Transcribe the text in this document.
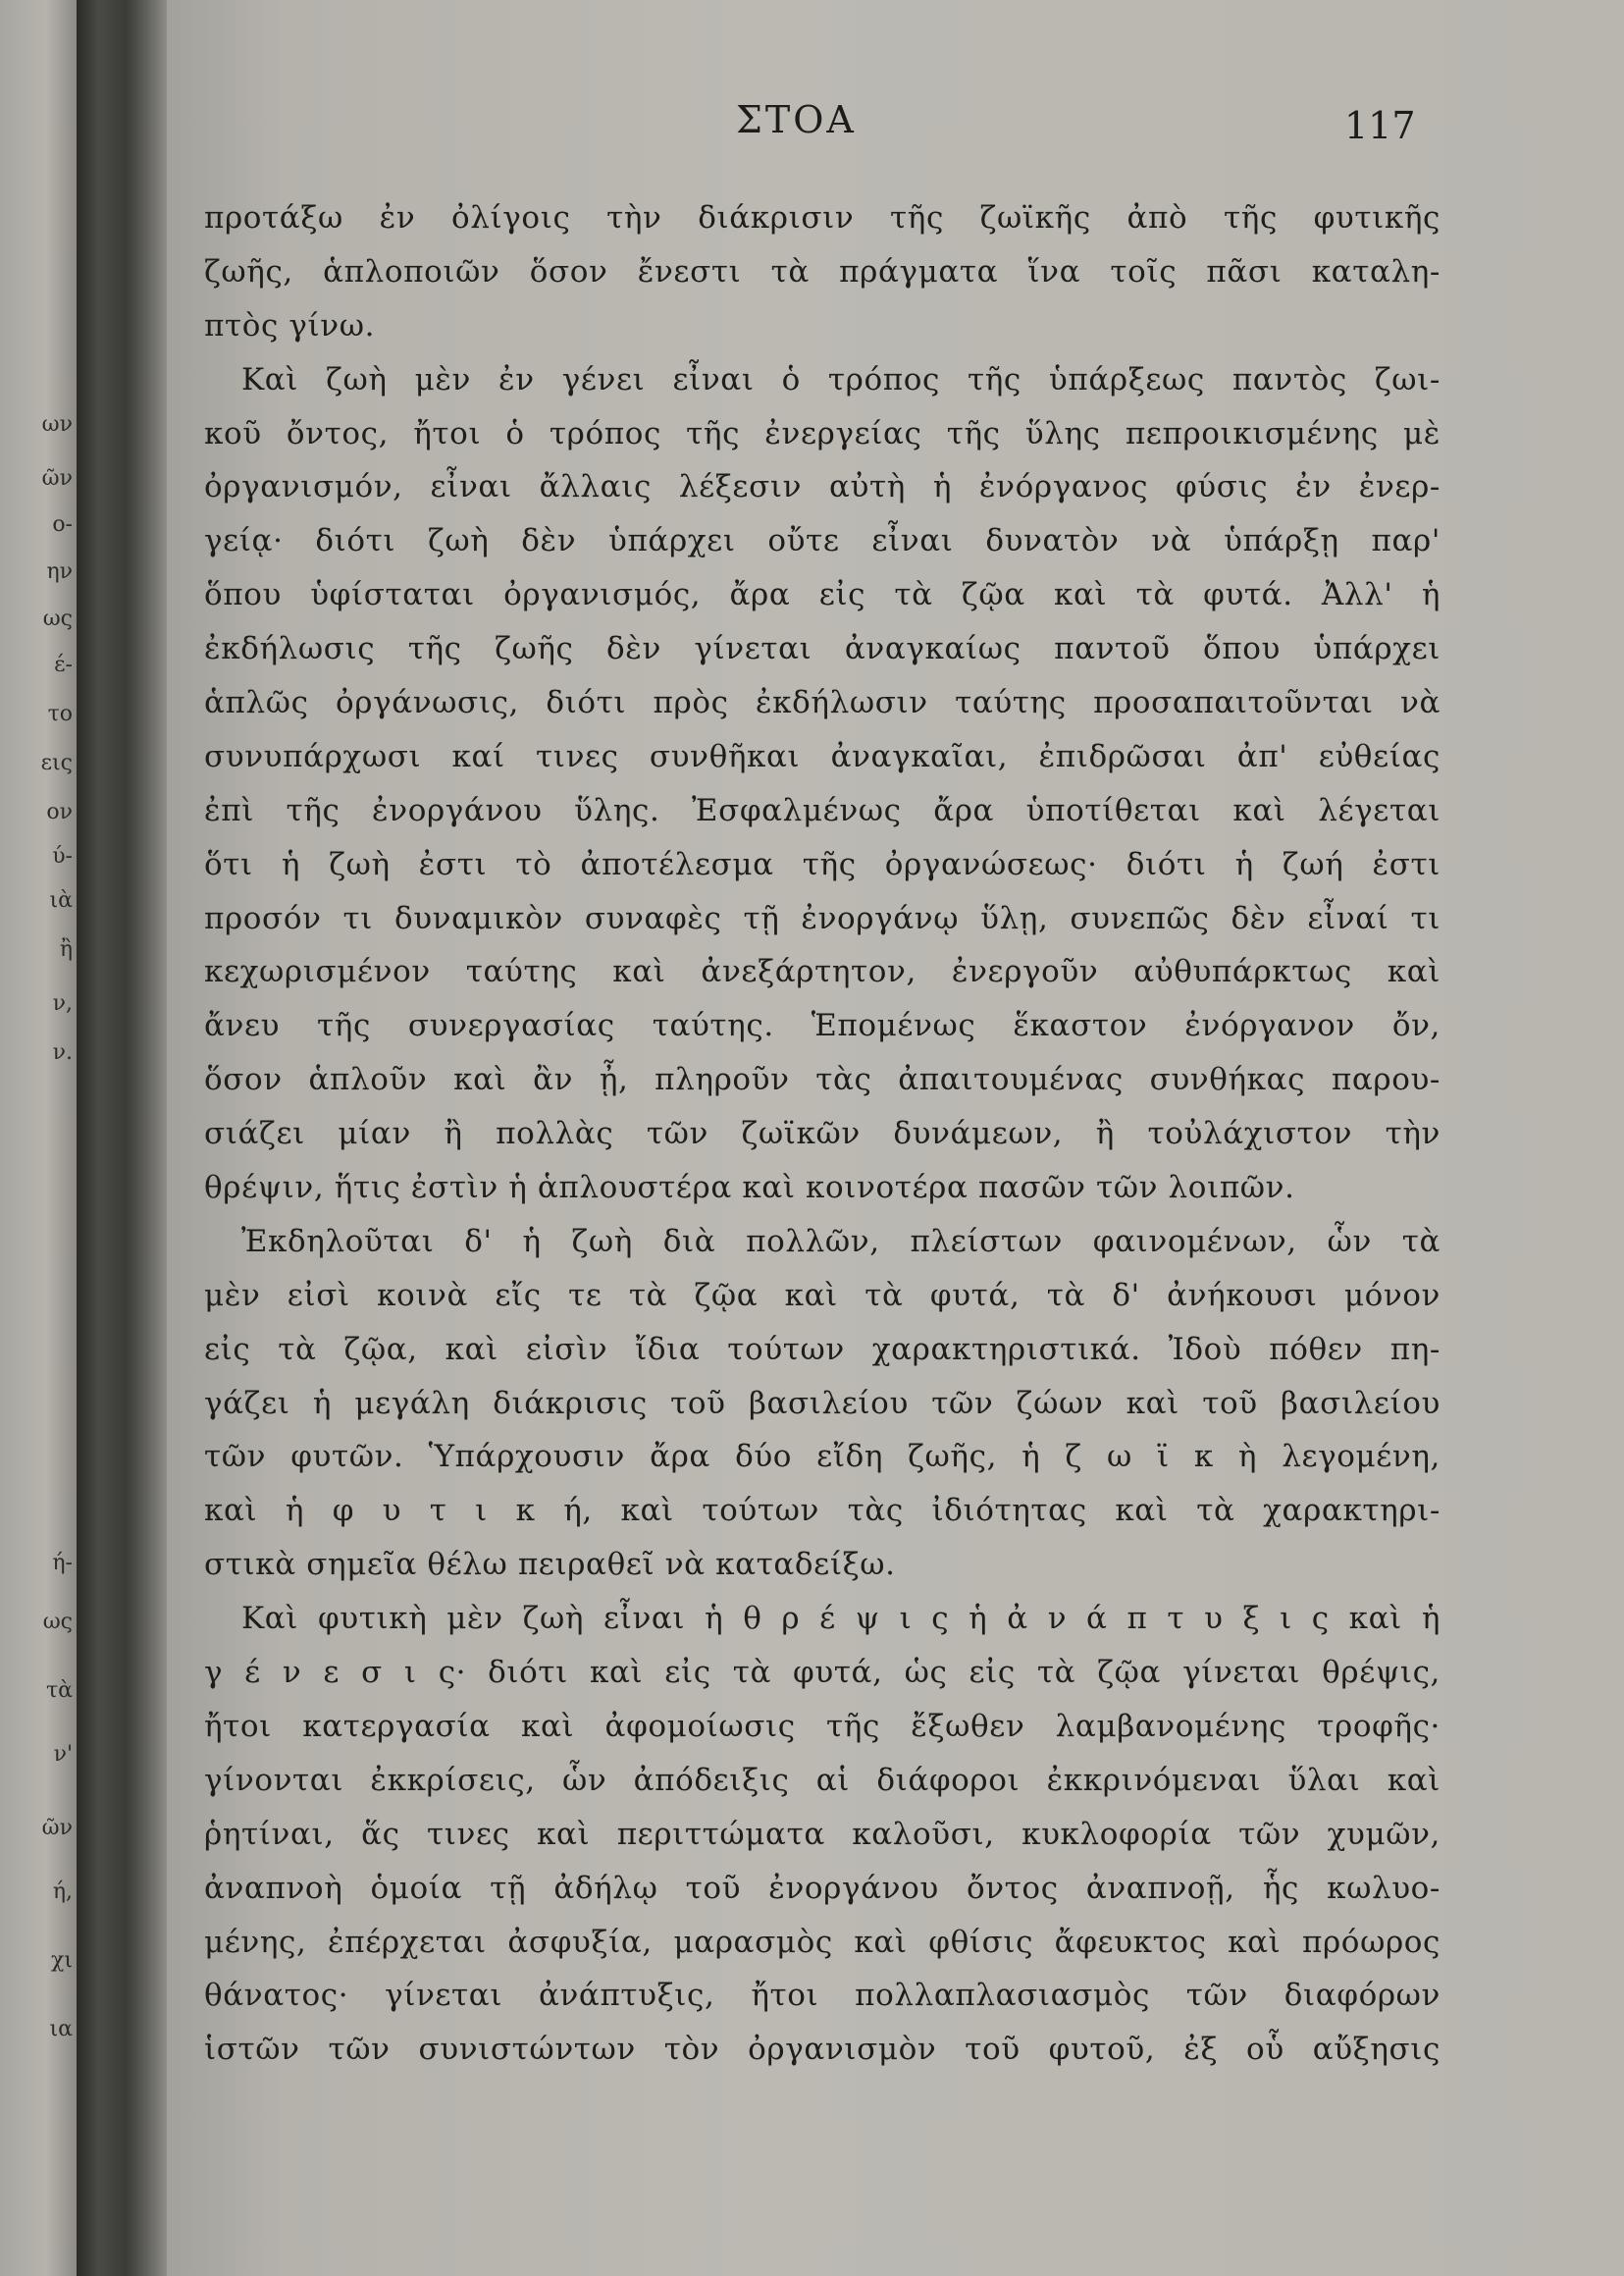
ων
ῶν
ο-
ην
ως
έ-
το
εις
ον
ύ-
ιὰ
ἢ
ν,
ν.
ή-
ως
τὰ
ν'
ῶν
ή,
χι
ια
ΣΤΟΑ	117
προτάξω ἐν ὀλίγοις τὴν διάκρισιν τῆς ζωϊκῆς ἀπὸ τῆς φυτικῆς
ζωῆς, ἁπλοποιῶν ὅσον ἔνεστι τὰ πράγματα ἵνα τοῖς πᾶσι καταλη-
πτὸς γίνω.
Καὶ ζωὴ μὲν ἐν γένει εἶναι ὁ τρόπος τῆς ὑπάρξεως παντὸς ζωι-
κοῦ ὄντος, ἤτοι ὁ τρόπος τῆς ἐνεργείας τῆς ὕλης πεπροικισμένης μὲ
ὀργανισμόν, εἶναι ἄλλαις λέξεσιν αὐτὴ ἡ ἐνόργανος φύσις ἐν ἐνερ-
γείᾳ· διότι ζωὴ δὲν ὑπάρχει οὔτε εἶναι δυνατὸν νὰ ὑπάρξῃ παρ'
ὅπου ὑφίσταται ὀργανισμός, ἄρα εἰς τὰ ζῷα καὶ τὰ φυτά. Ἀλλ' ἡ
ἐκδήλωσις τῆς ζωῆς δὲν γίνεται ἀναγκαίως παντοῦ ὅπου ὑπάρχει
ἁπλῶς ὀργάνωσις, διότι πρὸς ἐκδήλωσιν ταύτης προσαπαιτοῦνται νὰ
συνυπάρχωσι καί τινες συνθῆκαι ἀναγκαῖαι, ἐπιδρῶσαι ἀπ' εὐθείας
ἐπὶ τῆς ἐνοργάνου ὕλης. Ἐσφαλμένως ἄρα ὑποτίθεται καὶ λέγεται
ὅτι ἡ ζωὴ ἐστι τὸ ἀποτέλεσμα τῆς ὀργανώσεως· διότι ἡ ζωή ἐστι
προσόν τι δυναμικὸν συναφὲς τῇ ἐνοργάνῳ ὕλῃ, συνεπῶς δὲν εἶναί τι
κεχωρισμένον ταύτης καὶ ἀνεξάρτητον, ἐνεργοῦν αὐθυπάρκτως καὶ
ἄνευ τῆς συνεργασίας ταύτης. Ἑπομένως ἕκαστον ἐνόργανον ὄν,
ὅσον ἁπλοῦν καὶ ἂν ᾖ, πληροῦν τὰς ἀπαιτουμένας συνθήκας παρου-
σιάζει μίαν ἢ πολλὰς τῶν ζωϊκῶν δυνάμεων, ἢ τοὐλάχιστον τὴν
θρέψιν, ἥτις ἐστὶν ἡ ἁπλουστέρα καὶ κοινοτέρα πασῶν τῶν λοιπῶν.
Ἐκδηλοῦται δ' ἡ ζωὴ διὰ πολλῶν, πλείστων φαινομένων, ὧν τὰ
μὲν εἰσὶ κοινὰ εἴς τε τὰ ζῷα καὶ τὰ φυτά, τὰ δ' ἀνήκουσι μόνον
εἰς τὰ ζῷα, καὶ εἰσὶν ἴδια τούτων χαρακτηριστικά. Ἰδοὺ πόθεν πη-
γάζει ἡ μεγάλη διάκρισις τοῦ βασιλείου τῶν ζώων καὶ τοῦ βασιλείου
τῶν φυτῶν. Ὑπάρχουσιν ἄρα δύο εἴδη ζωῆς, ἡ ζ ω ϊ κ ὴ λεγομένη,
καὶ ἡ φ υ τ ι κ ή, καὶ τούτων τὰς ἰδιότητας καὶ τὰ χαρακτηρι-
στικὰ σημεῖα θέλω πειραθεῖ νὰ καταδείξω.
Καὶ φυτικὴ μὲν ζωὴ εἶναι ἡ θ ρ έ ψ ι ς ἡ ἀ ν ά π τ υ ξ ι ς καὶ ἡ
γ έ ν ε σ ι ς· διότι καὶ εἰς τὰ φυτά, ὡς εἰς τὰ ζῷα γίνεται θρέψις,
ἤτοι κατεργασία καὶ ἀφομοίωσις τῆς ἔξωθεν λαμβανομένης τροφῆς·
γίνονται ἐκκρίσεις, ὧν ἀπόδειξις αἱ διάφοροι ἐκκρινόμεναι ὕλαι καὶ
ῥητίναι, ἅς τινες καὶ περιττώματα καλοῦσι, κυκλοφορία τῶν χυμῶν,
ἀναπνοὴ ὁμοία τῇ ἀδήλῳ τοῦ ἐνοργάνου ὄντος ἀναπνοῇ, ἧς κωλυο-
μένης, ἐπέρχεται ἀσφυξία, μαρασμὸς καὶ φθίσις ἄφευκτος καὶ πρόωρος
θάνατος· γίνεται ἀνάπτυξις, ἤτοι πολλαπλασιασμὸς τῶν διαφόρων
ἱστῶν τῶν συνιστώντων τὸν ὀργανισμὸν τοῦ φυτοῦ, ἐξ οὗ αὔξησις
